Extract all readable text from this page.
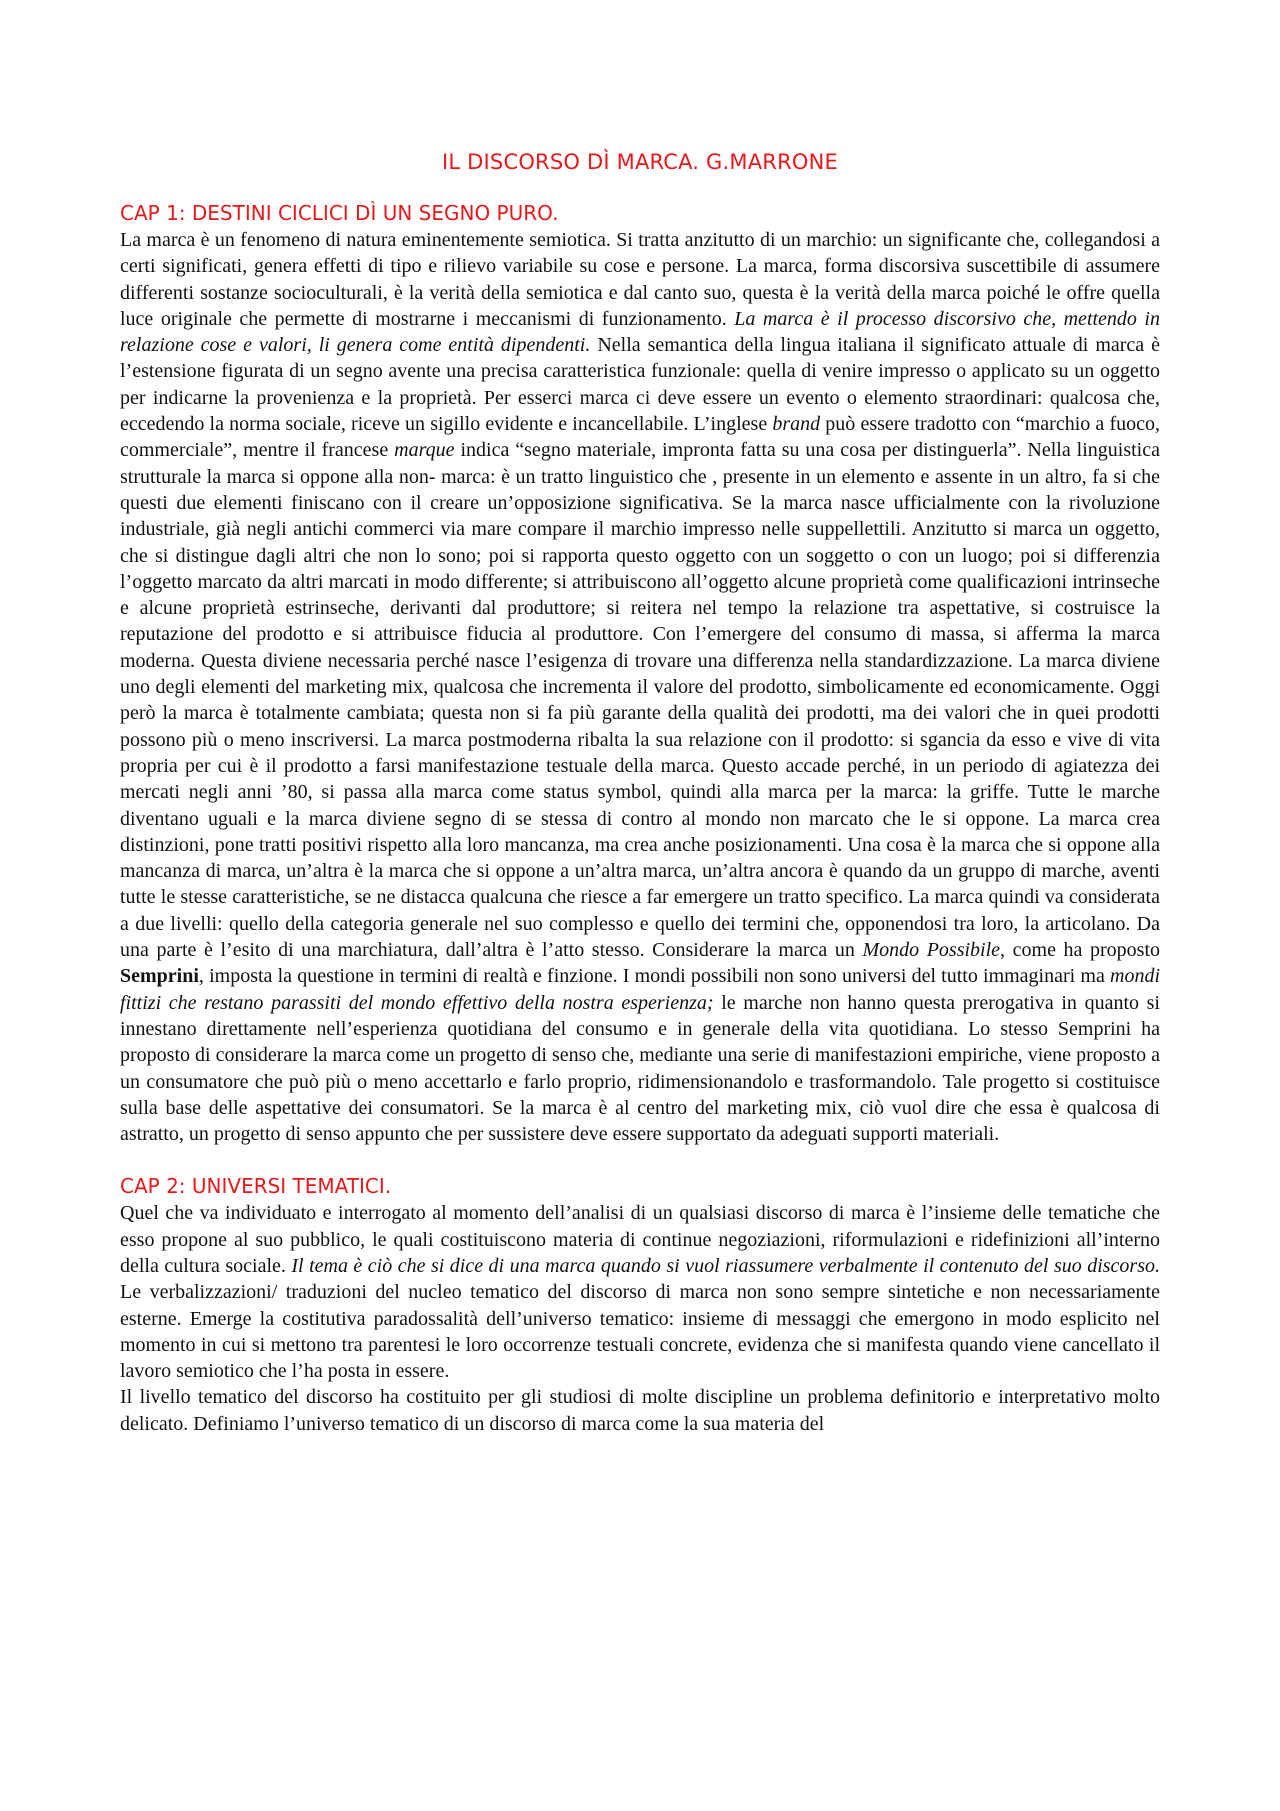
IL DISCORSO DÌ MARCA. G.MARRONE
CAP 1: DESTINI CICLICI DÌ UN SEGNO PURO.

La marca è un fenomeno di natura eminentemente semiotica. Si tratta anzitutto di un marchio: un significante che, collegandosi a certi significati, genera effetti di tipo e rilievo variabile su cose e persone. La marca, forma discorsiva suscettibile di assumere differenti sostanze socioculturali, è la verità della semiotica e dal canto suo, questa è la verità della marca poiché le offre quella luce originale che permette di mostrarne i meccanismi di funzionamento. La marca è il processo discorsivo che, mettendo in relazione cose e valori, li genera come entità dipendenti. Nella semantica della lingua italiana il significato attuale di marca è l’estensione figurata di un segno avente una precisa caratteristica funzionale: quella di venire impresso o applicato su un oggetto per indicarne la provenienza e la proprietà. Per esserci marca ci deve essere un evento o elemento straordinari: qualcosa che, eccedendo la norma sociale, riceve un sigillo evidente e incancellabile. L’inglese brand può essere tradotto con “marchio a fuoco, commerciale”, mentre il francese marque indica “segno materiale, impronta fatta su una cosa per distinguerla”. Nella linguistica strutturale la marca si oppone alla non- marca: è un tratto linguistico che , presente in un elemento e assente in un altro, fa si che questi due elementi finiscano con il creare un’opposizione significativa. Se la marca nasce ufficialmente con la rivoluzione industriale, già negli antichi commerci via mare compare il marchio impresso nelle suppellettili. Anzitutto si marca un oggetto, che si distingue dagli altri che non lo sono; poi si rapporta questo oggetto con un soggetto o con un luogo; poi si differenzia l’oggetto marcato da altri marcati in modo differente; si attribuiscono all’oggetto alcune proprietà come qualificazioni intrinseche e alcune proprietà estrinseche, derivanti dal produttore; si reitera nel tempo la relazione tra aspettative, si costruisce la reputazione del prodotto e si attribuisce fiducia al produttore. Con l’emergere del consumo di massa, si afferma la marca moderna. Questa diviene necessaria perché nasce l’esigenza di trovare una differenza nella standardizzazione. La marca diviene uno degli elementi del marketing mix, qualcosa che incrementa il valore del prodotto, simbolicamente ed economicamente. Oggi però la marca è totalmente cambiata; questa non si fa più garante della qualità dei prodotti, ma dei valori che in quei prodotti possono più o meno inscriversi. La marca postmoderna ribalta la sua relazione con il prodotto: si sgancia da esso e vive di vita propria per cui è il prodotto a farsi manifestazione testuale della marca. Questo accade perché, in un periodo di agiatezza dei mercati negli anni ’80, si passa alla marca come status symbol, quindi alla marca per la marca: la griffe. Tutte le marche diventano uguali e la marca diviene segno di se stessa di contro al mondo non marcato che le si oppone. La marca crea distinzioni, pone tratti positivi rispetto alla loro mancanza, ma crea anche posizionamenti. Una cosa è la marca che si oppone alla mancanza di marca, un’altra è la marca che si oppone a un’altra marca, un’altra ancora è quando da un gruppo di marche, aventi tutte le stesse caratteristiche, se ne distacca qualcuna che riesce a far emergere un tratto specifico. La marca quindi va considerata a due livelli: quello della categoria generale nel suo complesso e quello dei termini che, opponendosi tra loro, la articolano. Da una parte è l’esito di una marchiatura, dall’altra è l’atto stesso. Considerare la marca un Mondo Possibile, come ha proposto Semprini, imposta la questione in termini di realtà e finzione. I mondi possibili non sono universi del tutto immaginari ma mondi fittizi che restano parassiti del mondo effettivo della nostra esperienza; le marche non hanno questa prerogativa in quanto si innestano direttamente nell’esperienza quotidiana del consumo e in generale della vita quotidiana. Lo stesso Semprini ha proposto di considerare la marca come un progetto di senso che, mediante una serie di manifestazioni empiriche, viene proposto a un consumatore che può più o meno accettarlo e farlo proprio, ridimensionandolo e trasformandolo. Tale progetto si costituisce sulla base delle aspettative dei consumatori. Se la marca è al centro del marketing mix, ciò vuol dire che essa è qualcosa di astratto, un progetto di senso appunto che per sussistere deve essere supportato da adeguati supporti materiali.

CAP 2: UNIVERSI TEMATICI.

Quel che va individuato e interrogato al momento dell’analisi di un qualsiasi discorso di marca è l’insieme delle tematiche che esso propone al suo pubblico, le quali costituiscono materia di continue negoziazioni, riformulazioni e ridefinizioni all’interno della cultura sociale. Il tema è ciò che si dice di una marca quando si vuol riassumere verbalmente il contenuto del suo discorso. Le verbalizzazioni/ traduzioni del nucleo tematico del discorso di marca non sono sempre sintetiche e non necessariamente esterne. Emerge la costitutiva paradossalità dell’universo tematico: insieme di messaggi che emergono in modo esplicito nel momento in cui si mettono tra parentesi le loro occorrenze testuali concrete, evidenza che si manifesta quando viene cancellato il lavoro semiotico che l’ha posta in essere.

Il livello tematico del discorso ha costituito per gli studiosi di molte discipline un problema definitorio e interpretativo molto delicato. Definiamo l’universo tematico di un discorso di marca come la sua materia del
